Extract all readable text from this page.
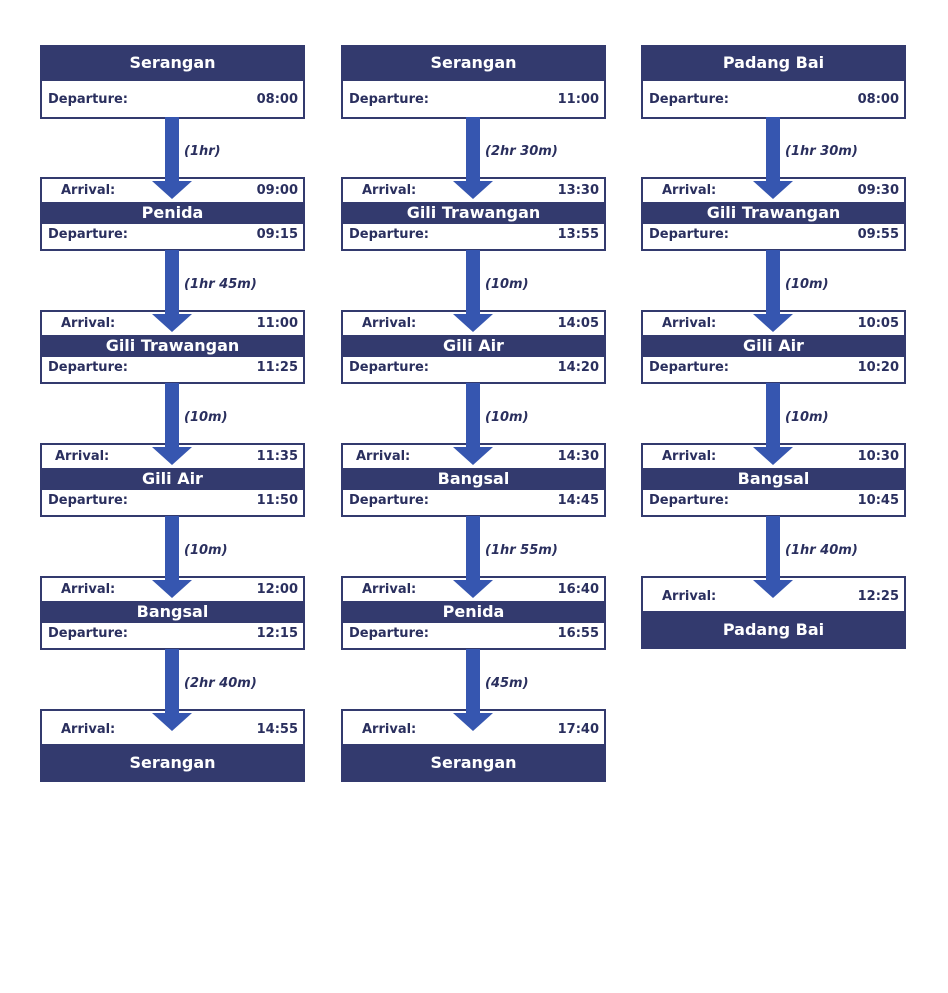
Serangan
Departure:	08:00
Penida
Arrival:	09:00
Departure:	09:15
Gili Trawangan
Arrival:	11:00
Departure:	11:25
Gili Air
Arrival:	11:35
Departure:	11:50
Bangsal
Arrival:	12:00
Departure:	12:15
Serangan
Arrival:	14:55
(1hr)
(1hr 45m)
(10m)
(10m)
(2hr 40m)
Serangan
Departure:	11:00
Gili Trawangan
Arrival:	13:30
Departure:	13:55
Gili Air
Arrival:	14:05
Departure:	14:20
Bangsal
Arrival:	14:30
Departure:	14:45
Penida
Arrival:	16:40
Departure:	16:55
Serangan
Arrival:	17:40
(2hr 30m)
(10m)
(10m)
(1hr 55m)
(45m)
Padang Bai
Departure:	08:00
Gili Trawangan
Arrival:	09:30
Departure:	09:55
Gili Air
Arrival:	10:05
Departure:	10:20
Bangsal
Arrival:	10:30
Departure:	10:45
Padang Bai
Arrival:	12:25
(1hr 30m)
(10m)
(10m)
(1hr 40m)
